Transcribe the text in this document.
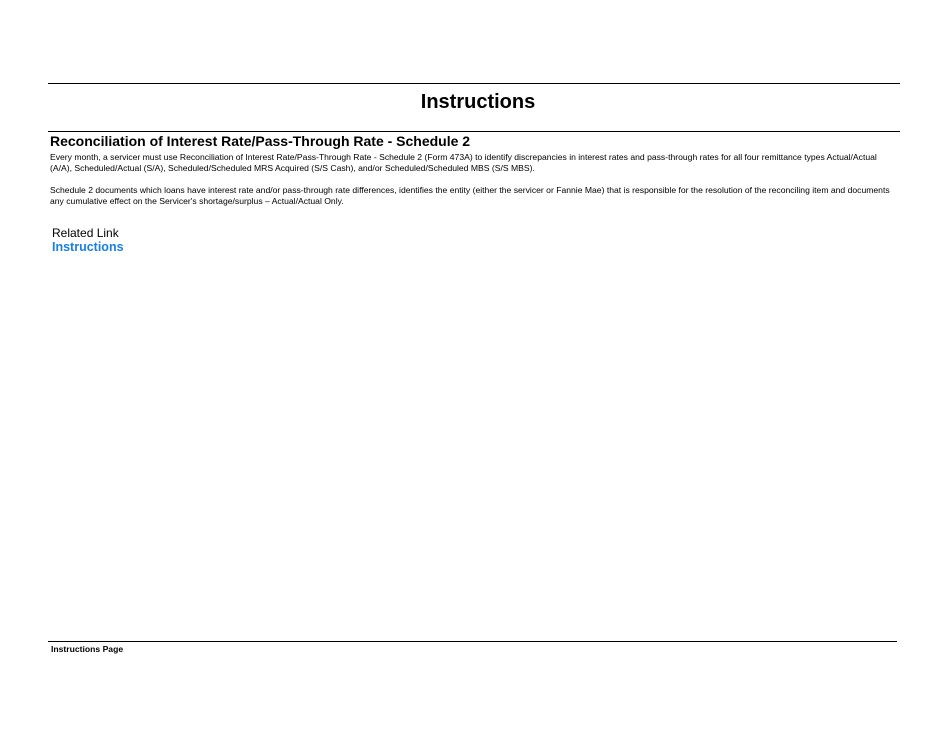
Instructions
Reconciliation of Interest Rate/Pass-Through Rate - Schedule 2

Every month, a servicer must use Reconciliation of Interest Rate/Pass-Through Rate - Schedule 2 (Form 473A) to identify discrepancies in interest rates and pass-through rates for all four remittance types Actual/Actual (A/A), Scheduled/Actual (S/A), Scheduled/Scheduled MRS Acquired (S/S Cash), and/or Scheduled/Scheduled MBS (S/S MBS).

Schedule 2 documents which loans have interest rate and/or pass-through rate differences, identifies the entity (either the servicer or Fannie Mae) that is responsible for the resolution of the reconciling item and documents any cumulative effect on the Servicer's shortage/surplus – Actual/Actual Only.

Related Link
Instructions
Instructions Page
